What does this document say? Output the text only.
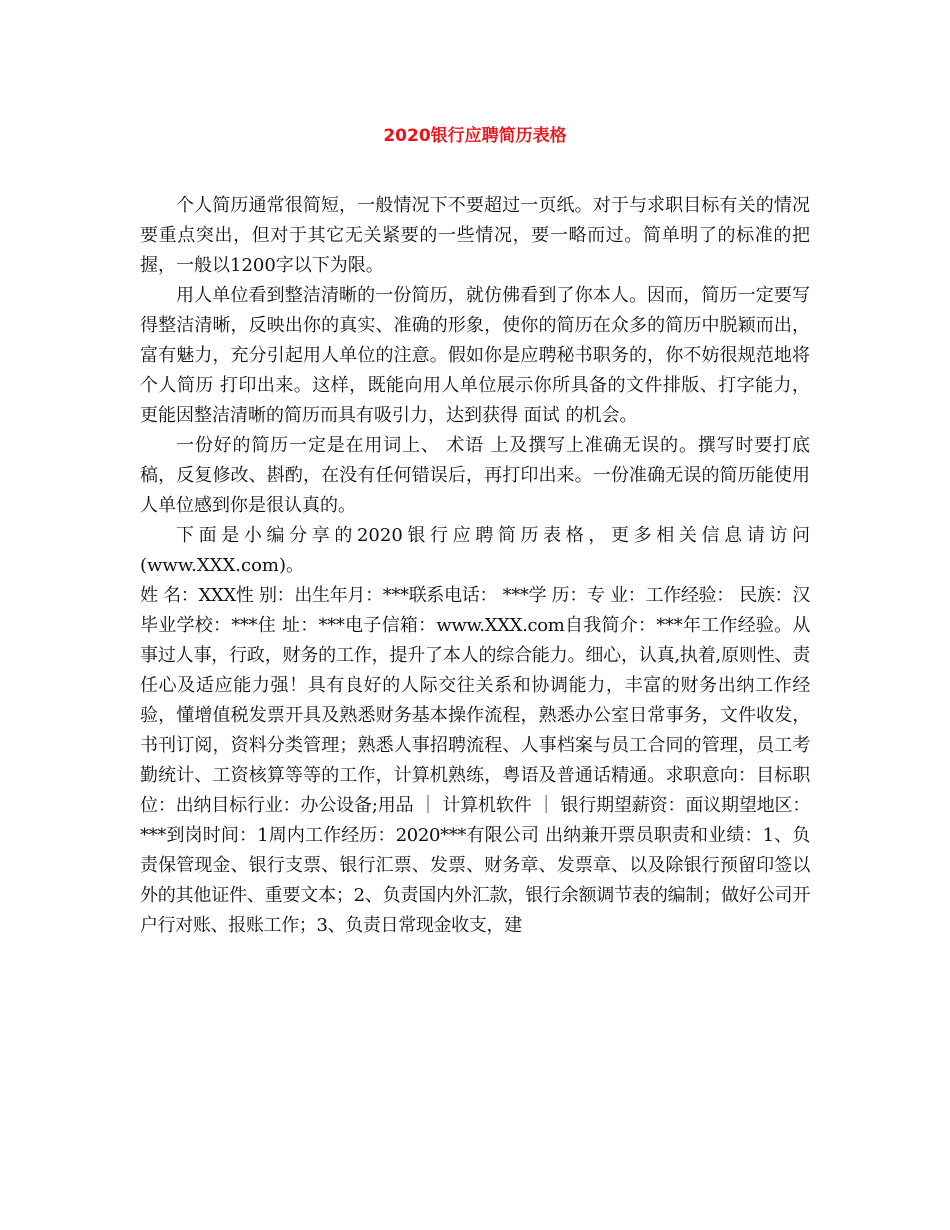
2020银行应聘简历表格

个人简历通常很简短，一般情况下不要超过一页纸。对于与求职目标有关的情况要重点突出，但对于其它无关紧要的一些情况，要一略而过。简单明了的标准的把握，一般以1200字以下为限。

用人单位看到整洁清晰的一份简历，就仿佛看到了你本人。因而，简历一定要写得整洁清晰，反映出你的真实、准确的形象，使你的简历在众多的简历中脱颖而出，富有魅力，充分引起用人单位的注意。假如你是应聘秘书职务的，你不妨很规范地将个人简历 打印出来。这样，既能向用人单位展示你所具备的文件排版、打字能力，更能因整洁清晰的简历而具有吸引力，达到获得 面试 的机会。

一份好的简历一定是在用词上、 术语 上及撰写上准确无误的。撰写时要打底稿，反复修改、斟酌，在没有任何错误后，再打印出来。一份准确无误的简历能使用人单位感到你是很认真的。

下面是小编分享的2020银行应聘简历表格，更多相关信息请访问(www.XXX.com)。

姓 名：XXX性 别：出生年月：***联系电话： ***学 历：专 业：工作经验： 民族：汉毕业学校：***住 址：***电子信箱：www.XXX.com自我简介：***年工作经验。从事过人事，行政，财务的工作，提升了本人的综合能力。细心，认真,执着,原则性、责任心及适应能力强！具有良好的人际交往关系和协调能力，丰富的财务出纳工作经验，懂增值税发票开具及熟悉财务基本操作流程，熟悉办公室日常事务，文件收发，书刊订阅，资料分类管理；熟悉人事招聘流程、人事档案与员工合同的管理，员工考勤统计、工资核算等等的工作，计算机熟练，粤语及普通话精通。求职意向：目标职位：出纳目标行业：办公设备;用品 ｜ 计算机软件 ｜ 银行期望薪资：面议期望地区：***到岗时间：1周内工作经历：2020***有限公司 出纳兼开票员职责和业绩：1、负责保管现金、银行支票、银行汇票、发票、财务章、发票章、以及除银行预留印签以外的其他证件、重要文本；2、负责国内外汇款，银行余额调节表的编制；做好公司开户行对账、报账工作；3、负责日常现金收支，建
